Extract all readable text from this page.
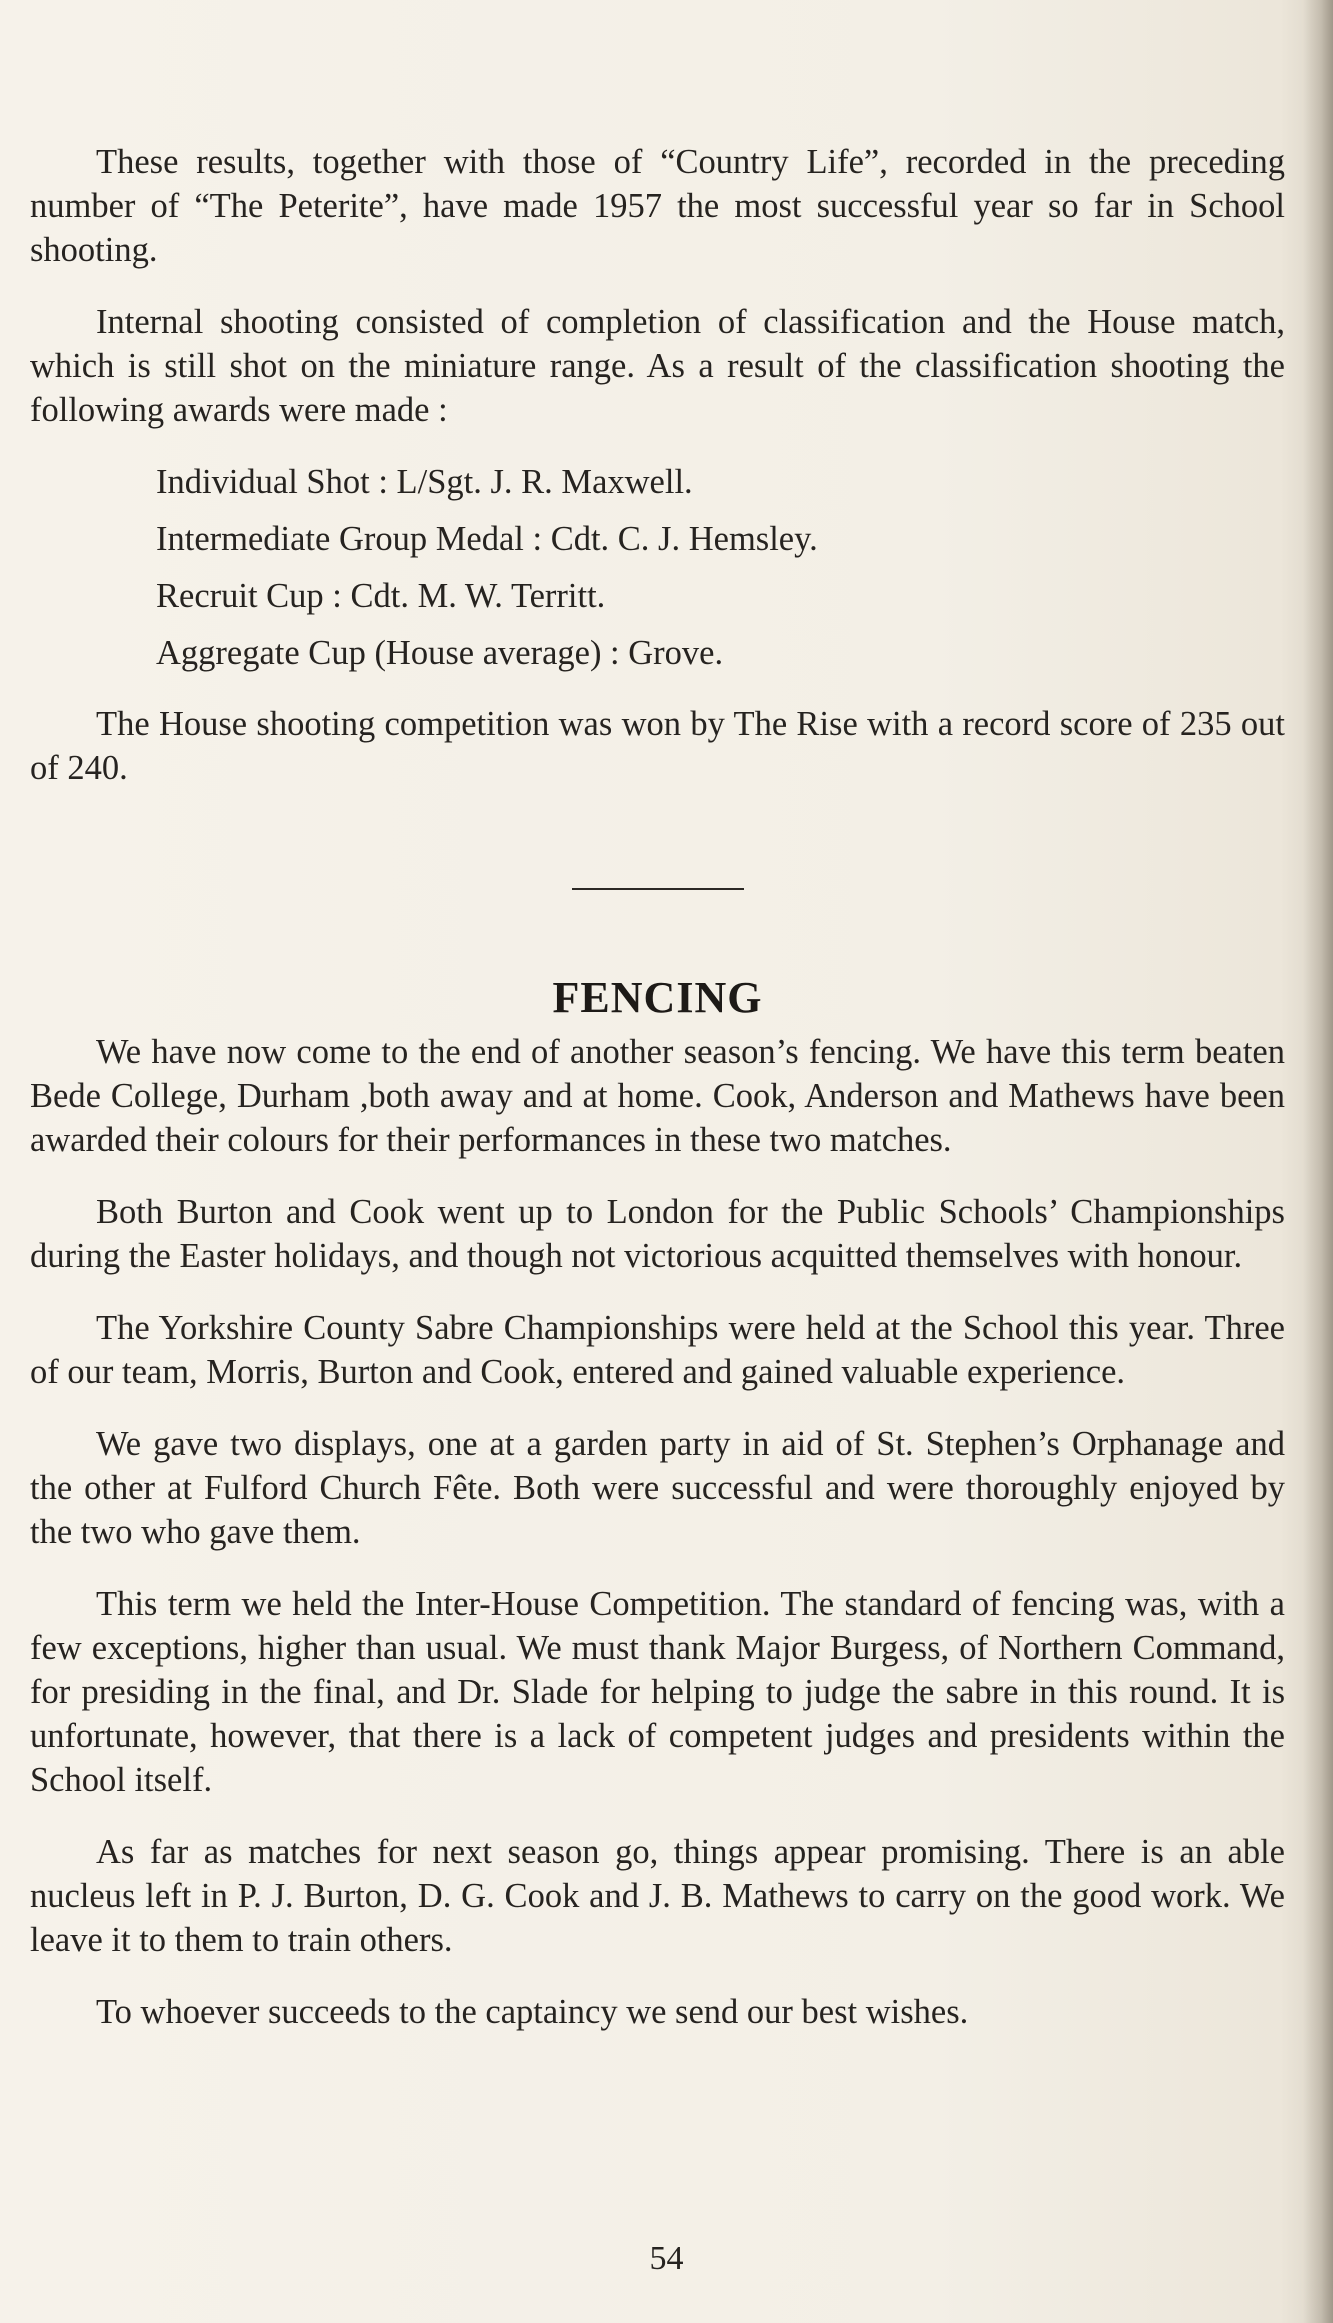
These results, together with those of “Country Life”, recorded in the preceding number of “The Peterite”, have made 1957 the most successful year so far in School shooting.

Internal shooting consisted of completion of classification and the House match, which is still shot on the miniature range. As a result of the classification shooting the following awards were made :

Individual Shot : L/Sgt. J. R. Maxwell.
Intermediate Group Medal : Cdt. C. J. Hemsley.
Recruit Cup : Cdt. M. W. Territt.
Aggregate Cup (House average) : Grove.

The House shooting competition was won by The Rise with a record score of 235 out of 240.

FENCING

We have now come to the end of another season’s fencing. We have this term beaten Bede College, Durham ,both away and at home. Cook, Anderson and Mathews have been awarded their colours for their performances in these two matches.

Both Burton and Cook went up to London for the Public Schools’ Championships during the Easter holidays, and though not victorious acquitted themselves with honour.

The Yorkshire County Sabre Championships were held at the School this year. Three of our team, Morris, Burton and Cook, entered and gained valuable experience.

We gave two displays, one at a garden party in aid of St. Stephen’s Orphanage and the other at Fulford Church Fête. Both were successful and were thoroughly enjoyed by the two who gave them.

This term we held the Inter-House Competition. The standard of fencing was, with a few exceptions, higher than usual. We must thank Major Burgess, of Northern Command, for presiding in the final, and Dr. Slade for helping to judge the sabre in this round. It is unfortunate, however, that there is a lack of competent judges and presidents within the School itself.

As far as matches for next season go, things appear promising. There is an able nucleus left in P. J. Burton, D. G. Cook and J. B. Mathews to carry on the good work. We leave it to them to train others.

To whoever succeeds to the captaincy we send our best wishes.

54
